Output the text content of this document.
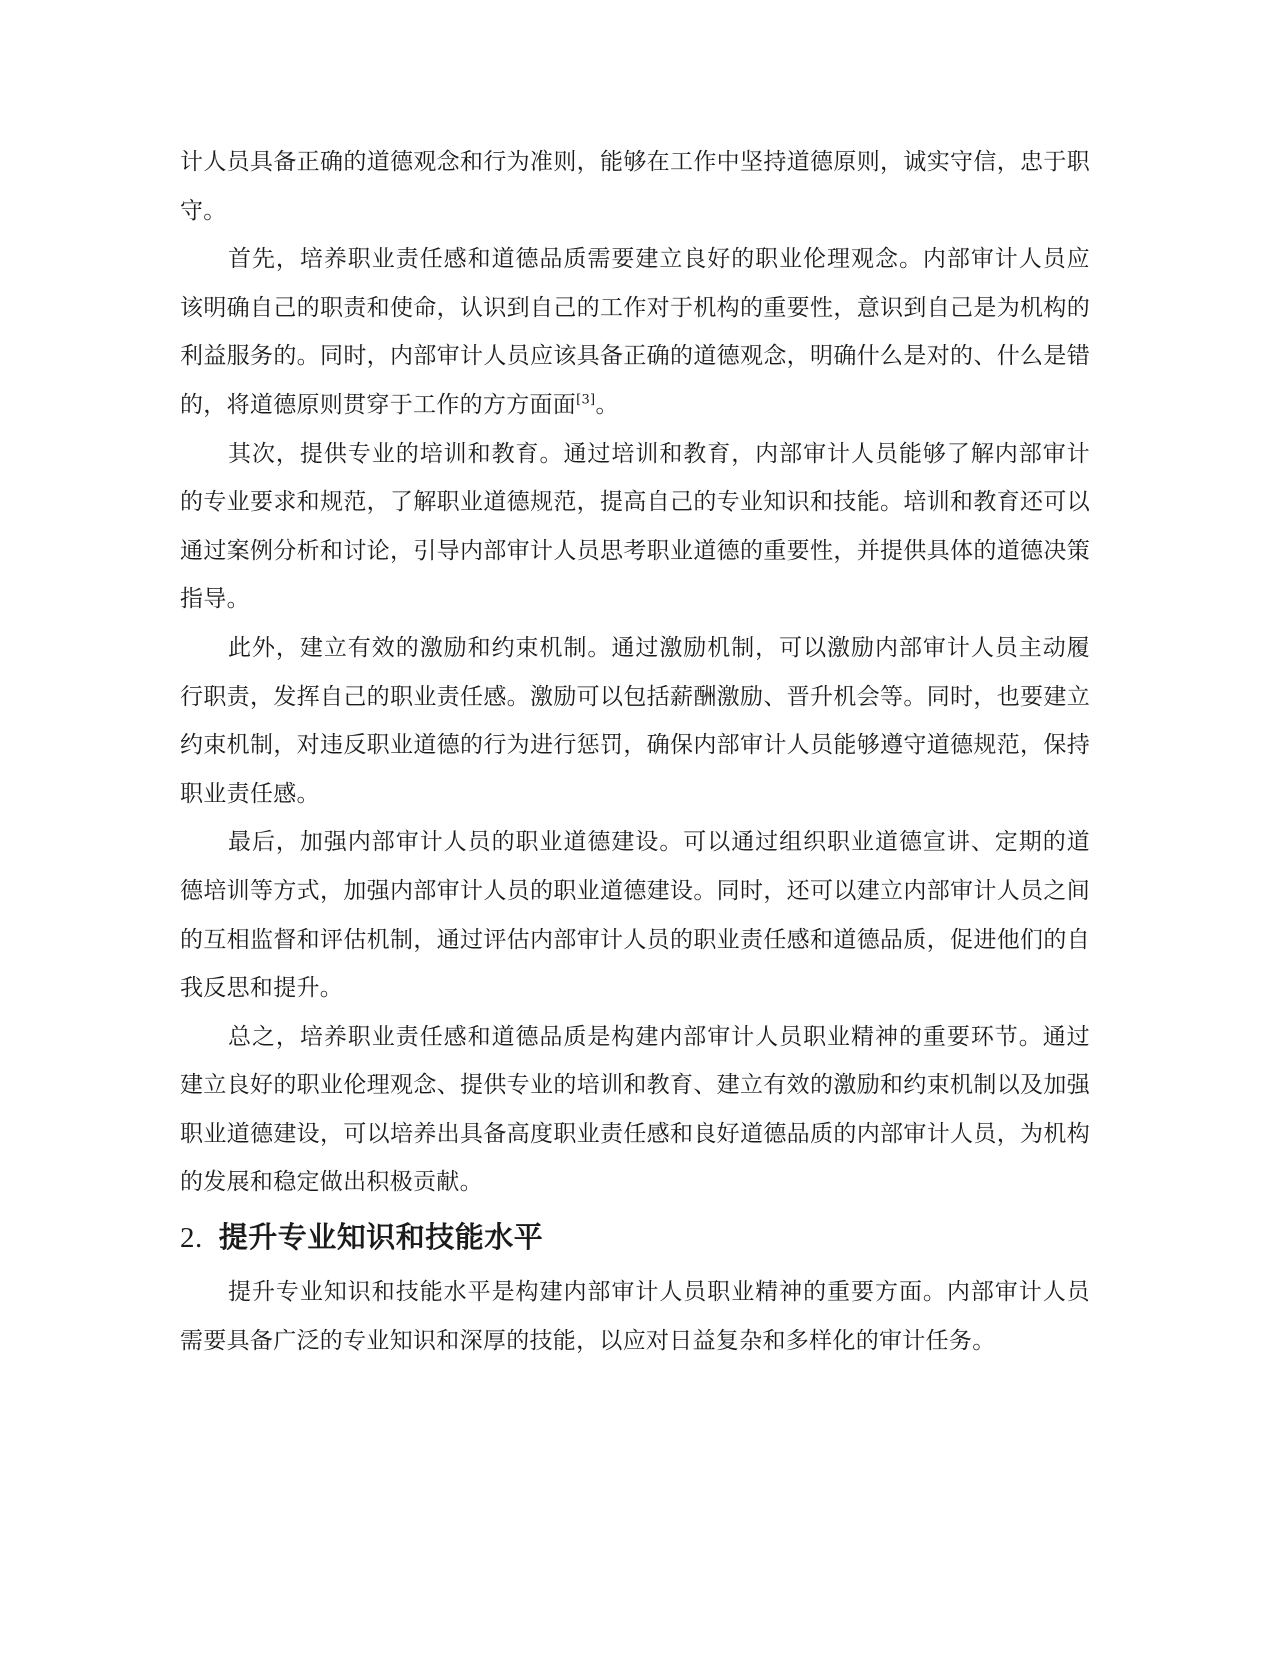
计人员具备正确的道德观念和行为准则，能够在工作中坚持道德原则，诚实守信，忠于职守。

首先，培养职业责任感和道德品质需要建立良好的职业伦理观念。内部审计人员应该明确自己的职责和使命，认识到自己的工作对于机构的重要性，意识到自己是为机构的利益服务的。同时，内部审计人员应该具备正确的道德观念，明确什么是对的、什么是错的，将道德原则贯穿于工作的方方面面[3]。

其次，提供专业的培训和教育。通过培训和教育，内部审计人员能够了解内部审计的专业要求和规范，了解职业道德规范，提高自己的专业知识和技能。培训和教育还可以通过案例分析和讨论，引导内部审计人员思考职业道德的重要性，并提供具体的道德决策指导。

此外，建立有效的激励和约束机制。通过激励机制，可以激励内部审计人员主动履行职责，发挥自己的职业责任感。激励可以包括薪酬激励、晋升机会等。同时，也要建立约束机制，对违反职业道德的行为进行惩罚，确保内部审计人员能够遵守道德规范，保持职业责任感。

最后，加强内部审计人员的职业道德建设。可以通过组织职业道德宣讲、定期的道德培训等方式，加强内部审计人员的职业道德建设。同时，还可以建立内部审计人员之间的互相监督和评估机制，通过评估内部审计人员的职业责任感和道德品质，促进他们的自我反思和提升。

总之，培养职业责任感和道德品质是构建内部审计人员职业精神的重要环节。通过建立良好的职业伦理观念、提供专业的培训和教育、建立有效的激励和约束机制以及加强职业道德建设，可以培养出具备高度职业责任感和良好道德品质的内部审计人员，为机构的发展和稳定做出积极贡献。

2. 提升专业知识和技能水平

提升专业知识和技能水平是构建内部审计人员职业精神的重要方面。内部审计人员需要具备广泛的专业知识和深厚的技能，以应对日益复杂和多样化的审计任务。
